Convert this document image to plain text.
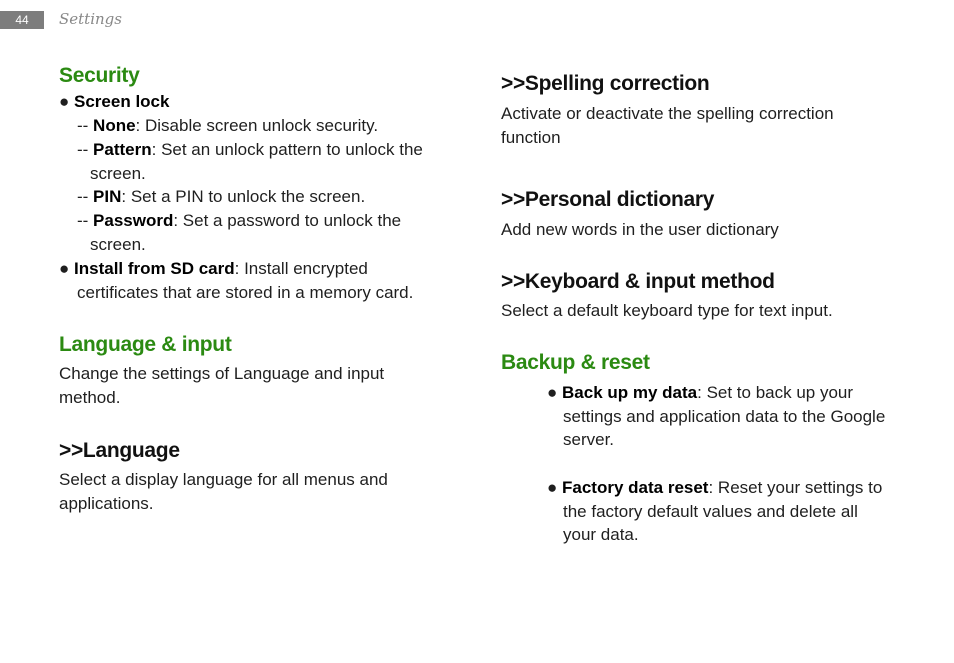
44	Settings
Security
● Screen lock
-- None: Disable screen unlock security.
-- Pattern: Set an unlock pattern to unlock the
screen.
-- PIN: Set a PIN to unlock the screen.
-- Password: Set a password to unlock the
screen.
● Install from SD card: Install encrypted
certificates that are stored in a memory card.
Language & input
Change the settings of Language and input
method.
>>Language
Select a display language for all menus and
applications.
>>Spelling correction
Activate or deactivate the spelling correction
function
>>Personal dictionary
Add new words in the user dictionary
>>Keyboard & input method
Select a default keyboard type for text input.
Backup & reset
● Back up my data: Set to back up your
settings and application data to the Google
server.
● Factory data reset: Reset your settings to
the factory default values and delete all
your data.
